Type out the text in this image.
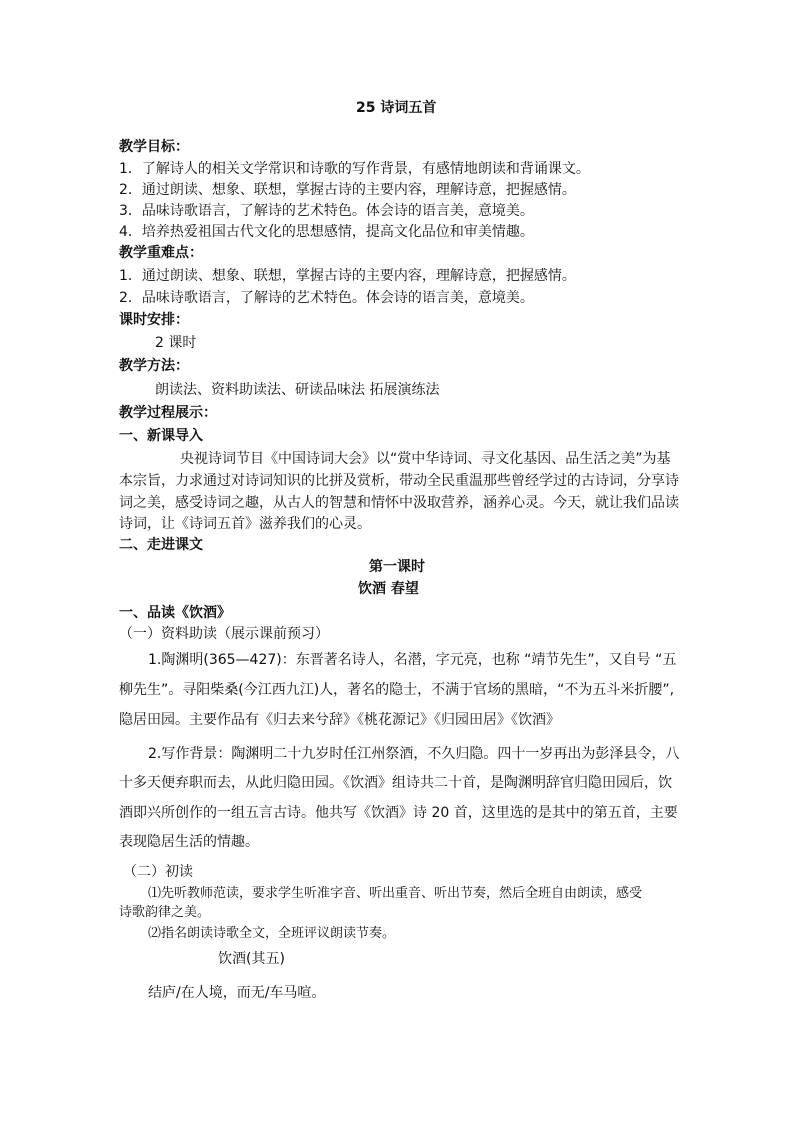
25 诗词五首
教学目标：
1．了解诗人的相关文学常识和诗歌的写作背景，有感情地朗读和背诵课文。
2．通过朗读、想象、联想，掌握古诗的主要内容，理解诗意，把握感情。
3．品味诗歌语言，了解诗的艺术特色。体会诗的语言美，意境美。
4．培养热爱祖国古代文化的思想感情，提高文化品位和审美情趣。
教学重难点：
1．通过朗读、想象、联想，掌握古诗的主要内容，理解诗意，把握感情。
2．品味诗歌语言，了解诗的艺术特色。体会诗的语言美，意境美。
课时安排：
2 课时
教学方法：
朗读法、资料助读法、研读品味法 拓展演练法
教学过程展示：
一、新课导入
央视诗词节目《中国诗词大会》以“赏中华诗词、寻文化基因、品生活之美”为基
本宗旨，力求通过对诗词知识的比拼及赏析，带动全民重温那些曾经学过的古诗词，分享诗
词之美，感受诗词之趣，从古人的智慧和情怀中汲取营养，涵养心灵。今天，就让我们品读
诗词，让《诗词五首》滋养我们的心灵。
二、走进课文
第一课时
饮酒 春望
一、品读《饮酒》
（一）资料助读（展示课前预习）
1.陶渊明(365—427)：东晋著名诗人，名潜，字元亮，也称 “靖节先生”，又自号 “五
柳先生”。寻阳柴桑(今江西九江)人，著名的隐士，不满于官场的黑暗，“不为五斗米折腰”,
隐居田园。主要作品有《归去来兮辞》《桃花源记》《归园田居》《饮酒》
2.写作背景：陶渊明二十九岁时任江州祭酒，不久归隐。四十一岁再出为彭泽县令，八
十多天便弃职而去，从此归隐田园。《饮酒》组诗共二十首，是陶渊明辞官归隐田园后，饮
酒即兴所创作的一组五言古诗。他共写《饮酒》诗 20 首，这里选的是其中的第五首，主要
表现隐居生活的情趣。
（二）初读
⑴先听教师范读，要求学生听准字音、听出重音、听出节奏，然后全班自由朗读，感受
诗歌韵律之美。
⑵指名朗读诗歌全文，全班评议朗读节奏。
饮酒(其五)
结庐/在人境，而无/车马喧。
